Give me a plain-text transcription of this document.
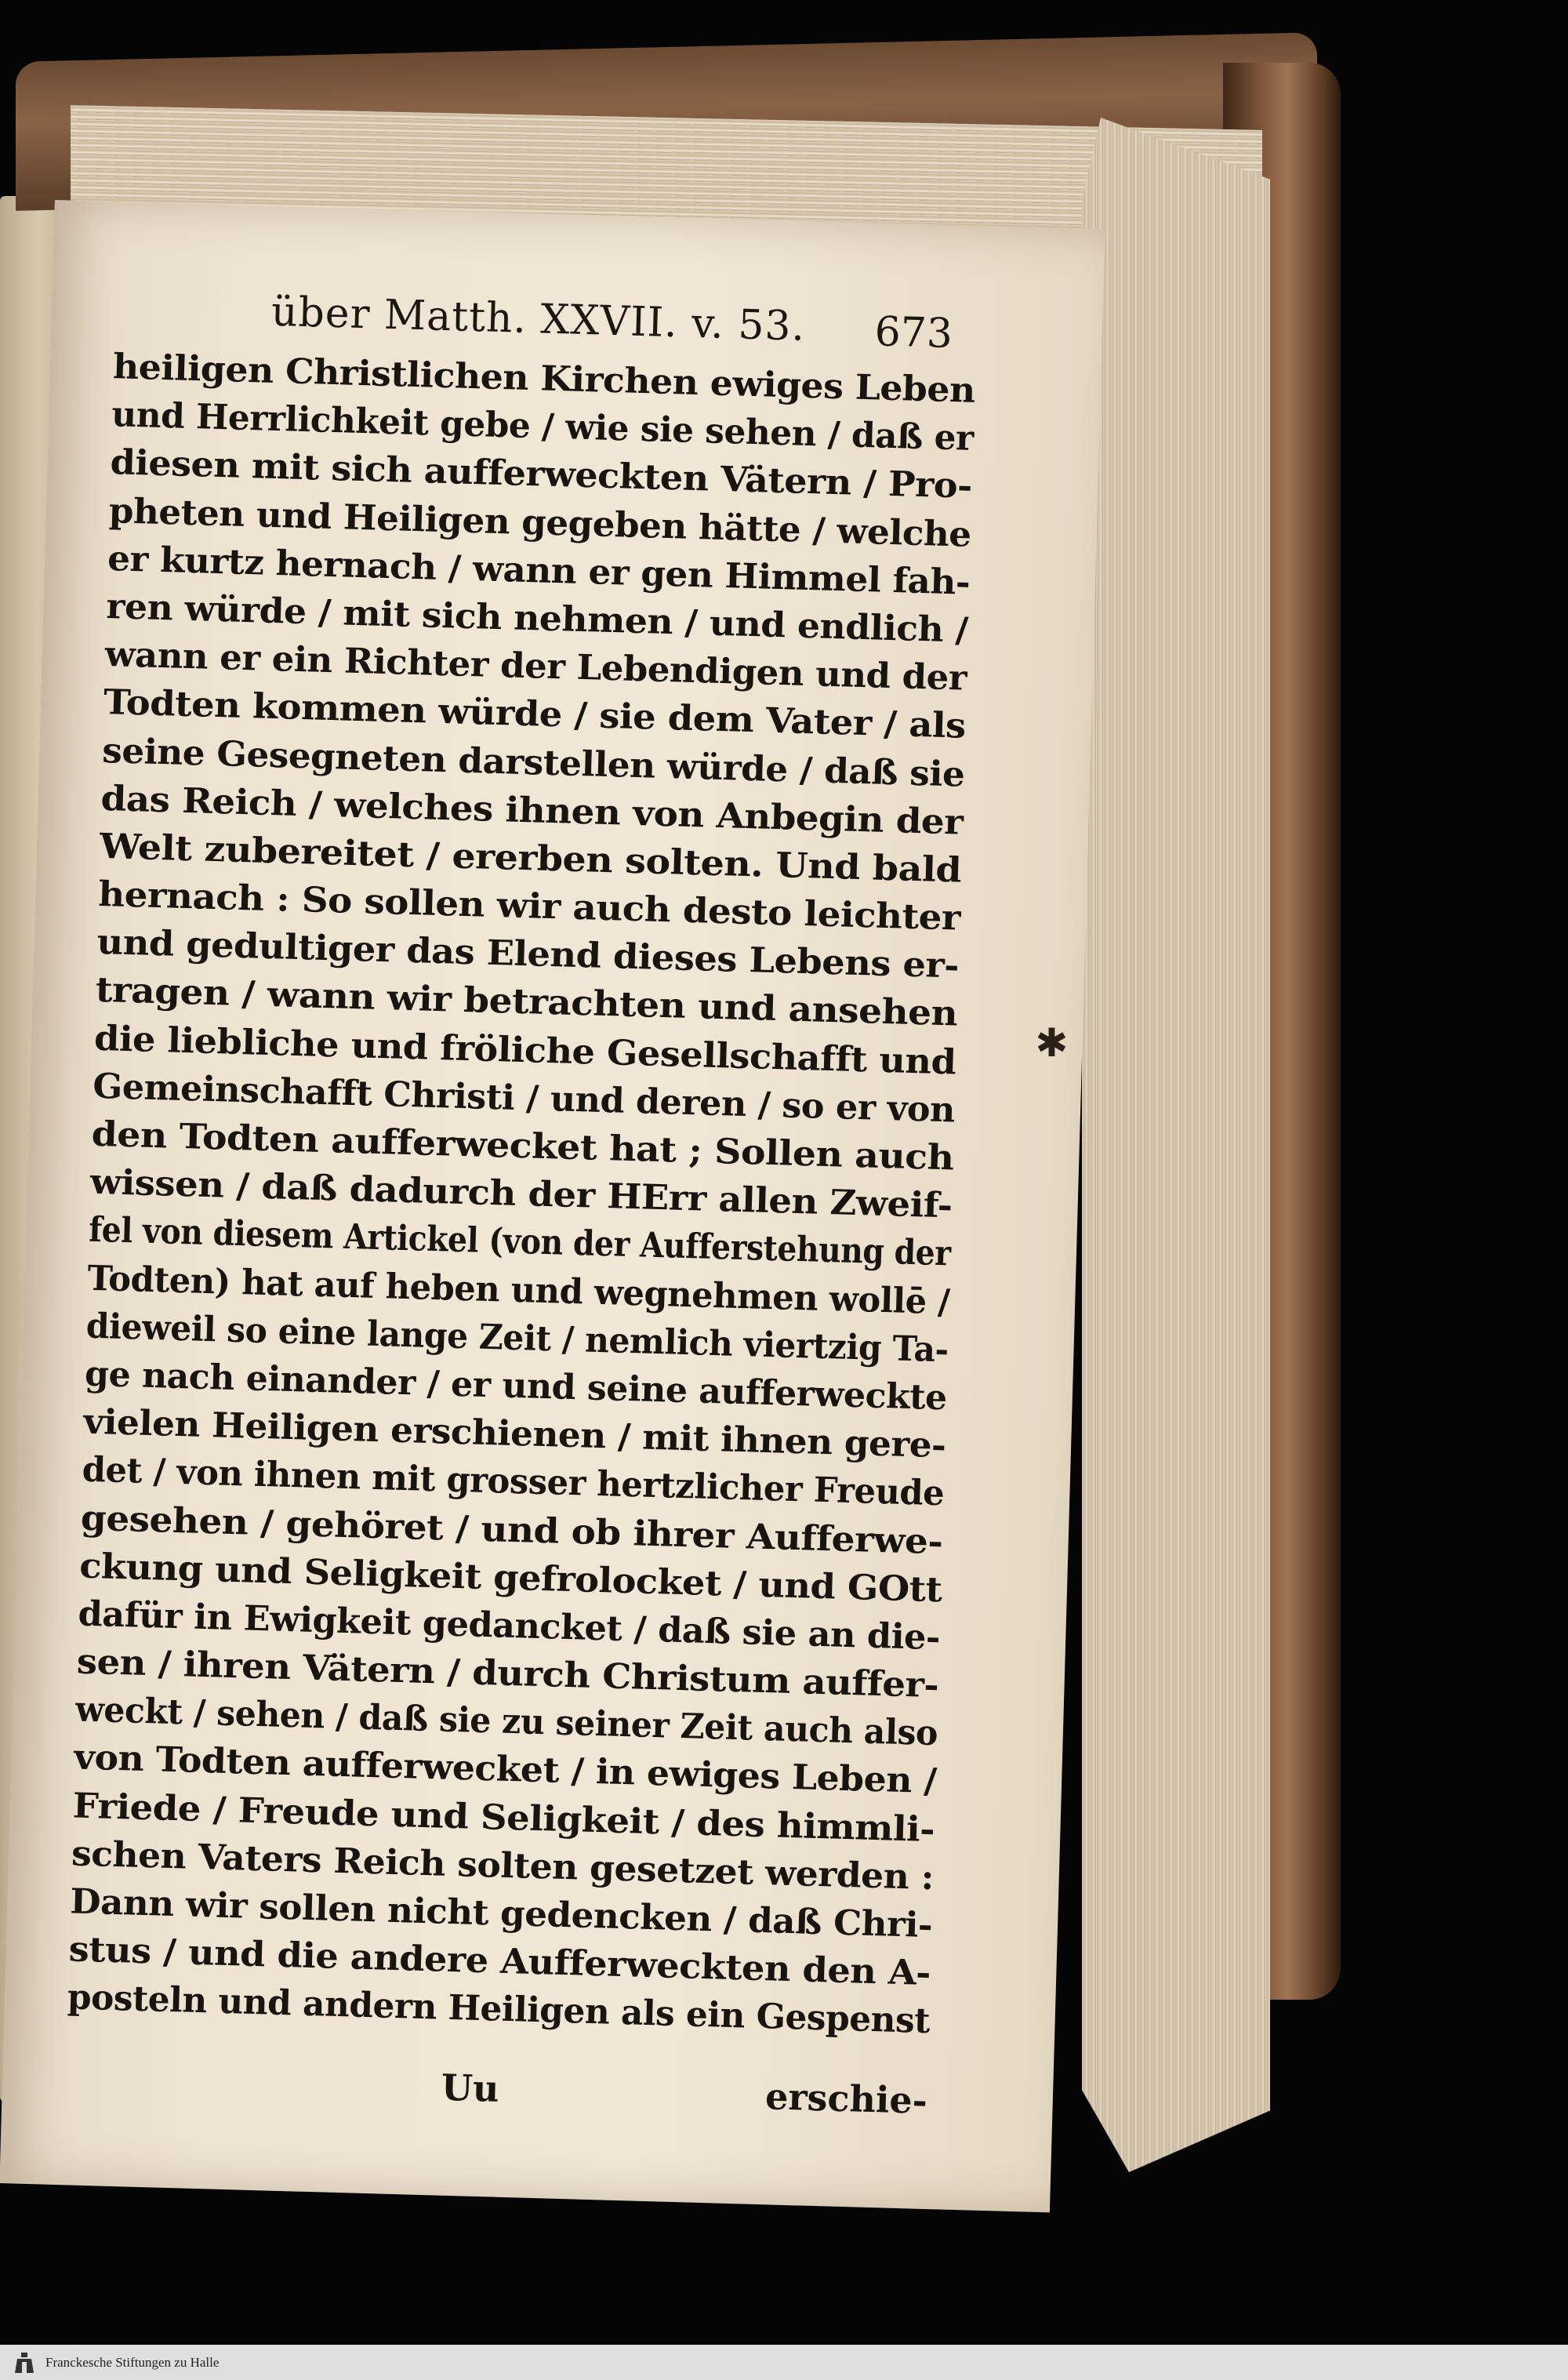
über Matth. XXVII. v. 53. 673
heiligen Christlichen Kirchen ewiges Leben
und Herrlichkeit gebe / wie sie sehen / daß er
diesen mit sich aufferweckten Vätern / Pro-
pheten und Heiligen gegeben hätte / welche
er kurtz hernach / wann er gen Himmel fah-
ren würde / mit sich nehmen / und endlich /
wann er ein Richter der Lebendigen und der
Todten kommen würde / sie dem Vater / als
seine Gesegneten darstellen würde / daß sie
das Reich / welches ihnen von Anbegin der
Welt zubereitet / ererben solten. Und bald
hernach : So sollen wir auch desto leichter
und gedultiger das Elend dieses Lebens er-
tragen / wann wir betrachten und ansehen
die liebliche und fröliche Gesellschafft und
Gemeinschafft Christi / und deren / so er von
den Todten aufferwecket hat ; Sollen auch
wissen / daß dadurch der HErr allen Zweif-
fel von diesem Artickel (von der Aufferstehung der
Todten) hat auf heben und wegnehmen wollē /
dieweil so eine lange Zeit / nemlich viertzig Ta-
ge nach einander / er und seine aufferweckte
vielen Heiligen erschienen / mit ihnen gere-
det / von ihnen mit grosser hertzlicher Freude
gesehen / gehöret / und ob ihrer Aufferwe-
ckung und Seligkeit gefrolocket / und GOtt
dafür in Ewigkeit gedancket / daß sie an die-
sen / ihren Vätern / durch Christum auffer-
weckt / sehen / daß sie zu seiner Zeit auch also
von Todten aufferwecket / in ewiges Leben /
Friede / Freude und Seligkeit / des himmli-
schen Vaters Reich solten gesetzet werden :
Dann wir sollen nicht gedencken / daß Chri-
stus / und die andere Aufferweckten den A-
posteln und andern Heiligen als ein Gespenst
Uu	erschie-
✱
Franckesche Stiftungen zu Halle
